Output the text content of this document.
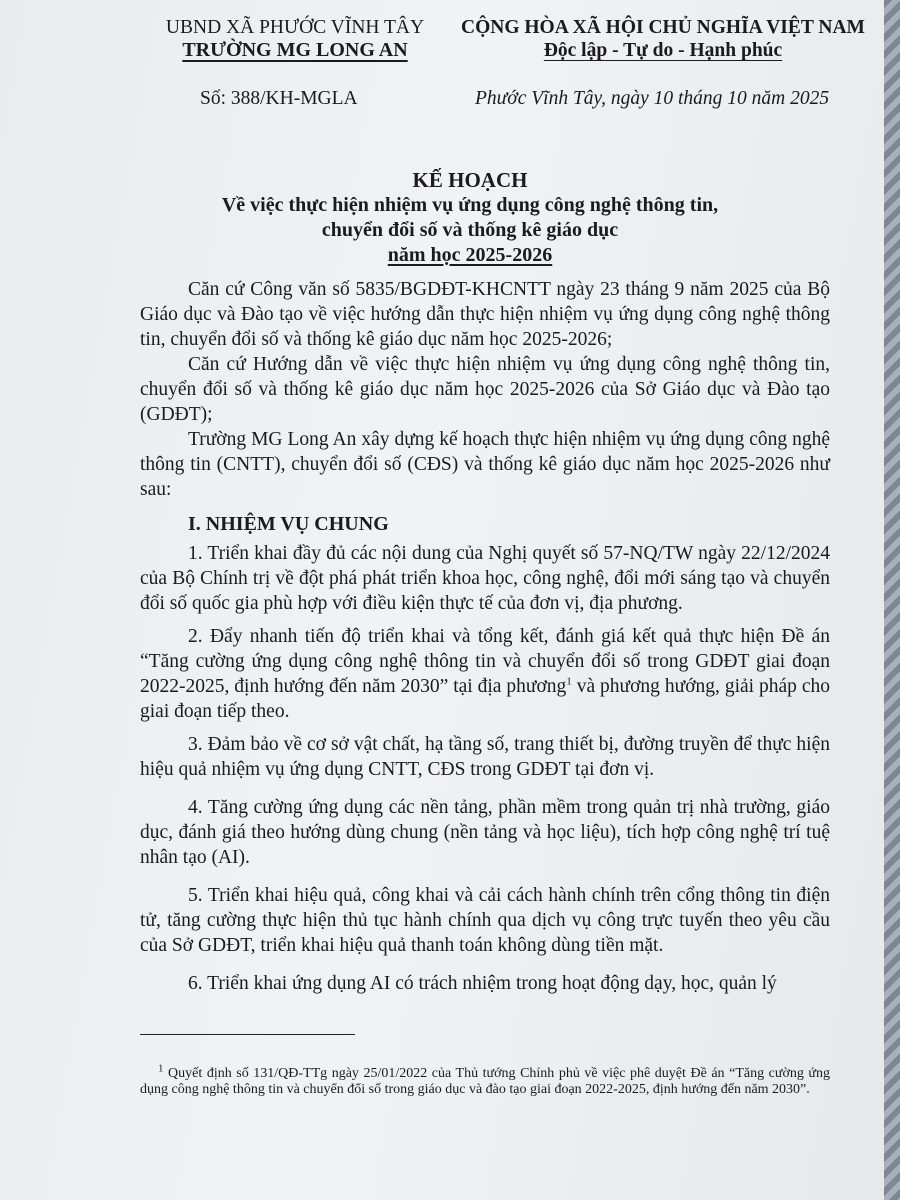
UBND XÃ PHƯỚC VĨNH TÂY
TRƯỜNG MG LONG AN
CỘNG HÒA XÃ HỘI CHỦ NGHĨA VIỆT NAM
Độc lập - Tự do - Hạnh phúc
Số: 388/KH-MGLA	Phước Vĩnh Tây, ngày 10 tháng 10 năm 2025
KẾ HOẠCH
Về việc thực hiện nhiệm vụ ứng dụng công nghệ thông tin,
chuyển đổi số và thống kê giáo dục
năm học 2025-2026

Căn cứ Công văn số 5835/BGDĐT-KHCNTT ngày 23 tháng 9 năm 2025 của Bộ Giáo dục và Đào tạo về việc hướng dẫn thực hiện nhiệm vụ ứng dụng công nghệ thông tin, chuyển đổi số và thống kê giáo dục năm học 2025-2026;

Căn cứ Hướng dẫn về việc thực hiện nhiệm vụ ứng dụng công nghệ thông tin, chuyển đổi số và thống kê giáo dục năm học 2025-2026 của Sở Giáo dục và Đào tạo (GDĐT);

Trường MG Long An xây dựng kế hoạch thực hiện nhiệm vụ ứng dụng công nghệ thông tin (CNTT), chuyển đổi số (CĐS) và thống kê giáo dục năm học 2025-2026 như sau:

I. NHIỆM VỤ CHUNG

1. Triển khai đầy đủ các nội dung của Nghị quyết số 57-NQ/TW ngày 22/12/2024 của Bộ Chính trị về đột phá phát triển khoa học, công nghệ, đổi mới sáng tạo và chuyển đổi số quốc gia phù hợp với điều kiện thực tế của đơn vị, địa phương.

2. Đẩy nhanh tiến độ triển khai và tổng kết, đánh giá kết quả thực hiện Đề án “Tăng cường ứng dụng công nghệ thông tin và chuyển đổi số trong GDĐT giai đoạn 2022-2025, định hướng đến năm 2030” tại địa phương$^1$ và phương hướng, giải pháp cho giai đoạn tiếp theo.

3. Đảm bảo về cơ sở vật chất, hạ tầng số, trang thiết bị, đường truyền để thực hiện hiệu quả nhiệm vụ ứng dụng CNTT, CĐS trong GDĐT tại đơn vị.

4. Tăng cường ứng dụng các nền tảng, phần mềm trong quản trị nhà trường, giáo dục, đánh giá theo hướng dùng chung (nền tảng và học liệu), tích hợp công nghệ trí tuệ nhân tạo (AI).

5. Triển khai hiệu quả, công khai và cải cách hành chính trên cổng thông tin điện tử, tăng cường thực hiện thủ tục hành chính qua dịch vụ công trực tuyến theo yêu cầu của Sở GDĐT, triển khai hiệu quả thanh toán không dùng tiền mặt.

6. Triển khai ứng dụng AI có trách nhiệm trong hoạt động dạy, học, quản lý

$^1$ Quyết định số 131/QĐ-TTg ngày 25/01/2022 của Thủ tướng Chính phủ về việc phê duyệt Đề án “Tăng cường ứng dụng công nghệ thông tin và chuyển đổi số trong giáo dục và đào tạo giai đoạn 2022-2025, định hướng đến năm 2030”.
